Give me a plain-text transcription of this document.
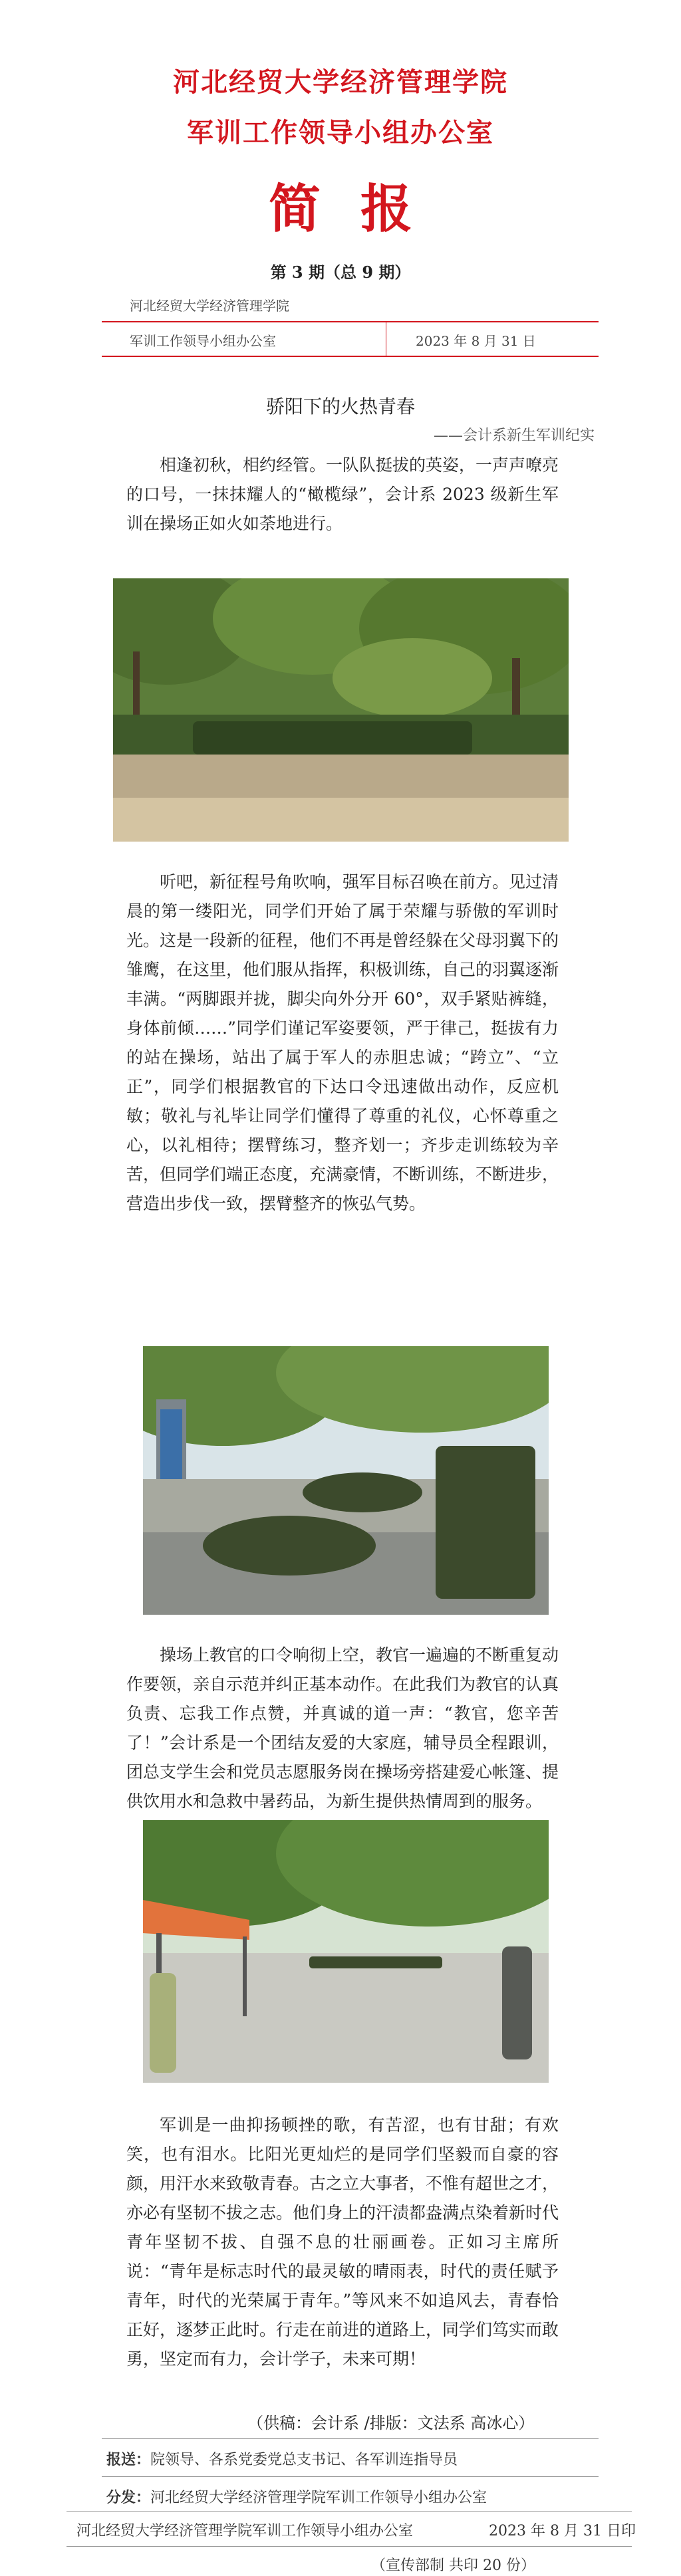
河北经贸大学经济管理学院
军训工作领导小组办公室
简报
第 3 期（总 9 期）
河北经贸大学经济管理学院
军训工作领导小组办公室	2023 年 8 月 31 日
骄阳下的火热青春
——会计系新生军训纪实

相逢初秋，相约经管。一队队挺拔的英姿，一声声嘹亮的口号，一抹抹耀人的“橄榄绿”，会计系 2023 级新生军训在操场正如火如荼地进行。

听吧，新征程号角吹响，强军目标召唤在前方。见过清晨的第一缕阳光，同学们开始了属于荣耀与骄傲的军训时光。这是一段新的征程，他们不再是曾经躲在父母羽翼下的雏鹰，在这里，他们服从指挥，积极训练，自己的羽翼逐渐丰满。“两脚跟并拢，脚尖向外分开 60°，双手紧贴裤缝，身体前倾……”同学们谨记军姿要领，严于律己，挺拔有力的站在操场，站出了属于军人的赤胆忠诚；“跨立”、“立正”，同学们根据教官的下达口令迅速做出动作，反应机敏；敬礼与礼毕让同学们懂得了尊重的礼仪，心怀尊重之心，以礼相待；摆臂练习，整齐划一；齐步走训练较为辛苦，但同学们端正态度，充满豪情，不断训练，不断进步，营造出步伐一致，摆臂整齐的恢弘气势。

操场上教官的口令响彻上空，教官一遍遍的不断重复动作要领，亲自示范并纠正基本动作。在此我们为教官的认真负责、忘我工作点赞，并真诚的道一声：“教官，您辛苦了！”会计系是一个团结友爱的大家庭，辅导员全程跟训，团总支学生会和党员志愿服务岗在操场旁搭建爱心帐篷、提供饮用水和急救中暑药品，为新生提供热情周到的服务。

军训是一曲抑扬顿挫的歌，有苦涩，也有甘甜；有欢笑，也有泪水。比阳光更灿烂的是同学们坚毅而自豪的容颜，用汗水来致敬青春。古之立大事者，不惟有超世之才，亦必有坚韧不拔之志。他们身上的汗渍都盎满点染着新时代青年坚韧不拔、自强不息的壮丽画卷。正如习主席所说：“青年是标志时代的最灵敏的晴雨表，时代的责任赋予青年，时代的光荣属于青年。”等风来不如追风去，青春恰正好，逐梦正此时。行走在前进的道路上，同学们笃实而敢勇，坚定而有力，会计学子，未来可期！

（供稿：会计系 /排版：文法系 高冰心）
报送：院领导、各系党委党总支书记、各军训连指导员
分发：河北经贸大学经济管理学院军训工作领导小组办公室
河北经贸大学经济管理学院军训工作领导小组办公室	2023 年 8 月 31 日印
（宣传部制 共印 20 份）
